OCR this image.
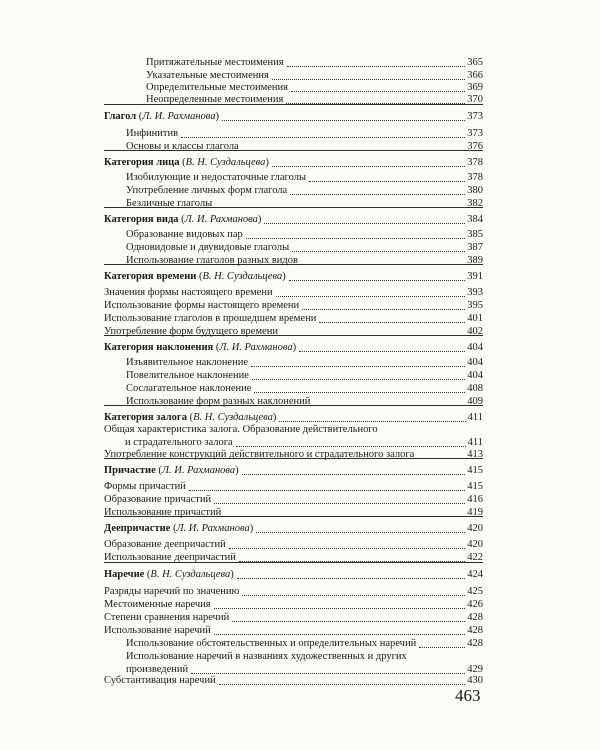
Притяжательные местоимения	365
Указательные местоимения	366
Определительные местоимения	369
Неопределенные местоимения	370
Глагол (Л. И. Рахманова)	373
Инфинитив	373
Основы и классы глагола	376
Категория лица (В. Н. Суздальцева)	378
Изобилующие и недостаточные глаголы	378
Употребление личных форм глагола	380
Безличные глаголы	382
Категория вида (Л. И. Рахманова)	384
Образование видовых пар	385
Одновидовые и двувидовые глаголы	387
Использование глаголов разных видов	389
Категория времени (В. Н. Суздальцева)	391
Значения формы настоящего времени	393
Использование формы настоящего времени	395
Использование глаголов в прошедшем времени	401
Употребление форм будущего времени	402
Категория наклонения (Л. И. Рахманова)	404
Изъявительное наклонение	404
Повелительное наклонение	404
Сослагательное наклонение	408
Использование форм разных наклонений	409
Категория залога (В. Н. Суздальцева)	411
Общая характеристика залога. Образование действительного
и страдательного залога	411
Употребление конструкций действительного и страдательного залога	413
Причастие (Л. И. Рахманова)	415
Формы причастий	415
Образование причастий	416
Использование причастий	419
Деепричастие (Л. И. Рахманова)	420
Образование деепричастий	420
Использование деепричастий	422
Наречие (В. Н. Суздальцева)	424
Разряды наречий по значению	425
Местоименные наречия	426
Степени сравнения наречий	428
Использование наречий	428
Использование обстоятельственных и определительных наречий	428
Использование наречий в названиях художественных и других
произведений	429
Субстантивация наречий	430
463
